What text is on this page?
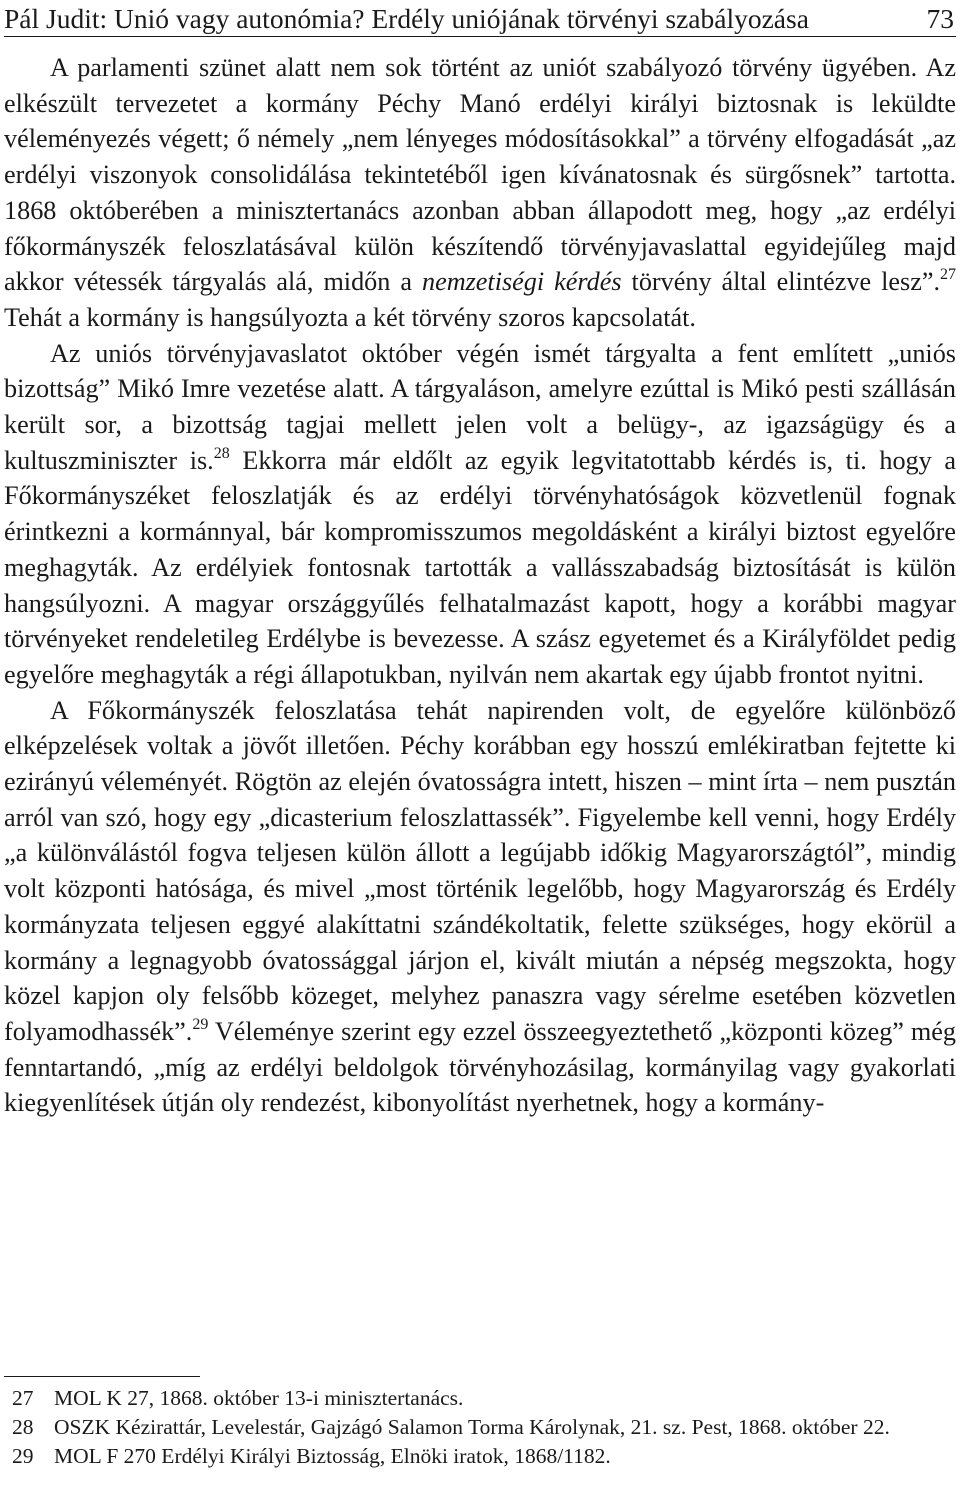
Pál Judit: Unió vagy autonómia? Erdély uniójának törvényi szabályozása	73

A parlamenti szünet alatt nem sok történt az uniót szabályozó törvény ügyében. Az elkészült tervezetet a kormány Péchy Manó erdélyi királyi biztosnak is leküldte véleményezés végett; ő némely „nem lényeges módosításokkal” a törvény elfogadását „az erdélyi viszonyok consolidálása tekintetéből igen kívánatosnak és sürgősnek” tartotta. 1868 októberében a minisztertanács azonban abban állapodott meg, hogy „az erdélyi főkormányszék feloszlatásával külön készítendő törvényjavaslattal egyidejűleg majd akkor vétessék tárgyalás alá, midőn a nemzetiségi kérdés törvény által elintézve lesz”.$^{27}$ Tehát a kormány is hangsúlyozta a két törvény szoros kapcsolatát.

Az uniós törvényjavaslatot október végén ismét tárgyalta a fent említett „uniós bizottság” Mikó Imre vezetése alatt. A tárgyaláson, amelyre ezúttal is Mikó pesti szállásán került sor, a bizottság tagjai mellett jelen volt a belügy-, az igazságügy és a kultuszminiszter is.$^{28}$ Ekkorra már eldőlt az egyik legvitatottabb kérdés is, ti. hogy a Főkormányszéket feloszlatják és az erdélyi törvényhatóságok közvetlenül fognak érintkezni a kormánnyal, bár kompromisszumos megoldásként a királyi biztost egyelőre meghagyták. Az erdélyiek fontosnak tartották a vallásszabadság biztosítását is külön hangsúlyozni. A magyar országgyűlés felhatalmazást kapott, hogy a korábbi magyar törvényeket rendeletileg Erdélybe is bevezesse. A szász egyetemet és a Királyföldet pedig egyelőre meghagyták a régi állapotukban, nyilván nem akartak egy újabb frontot nyitni.

A Főkormányszék feloszlatása tehát napirenden volt, de egyelőre különböző elképzelések voltak a jövőt illetően. Péchy korábban egy hosszú emlékiratban fejtette ki ezirányú véleményét. Rögtön az elején óvatosságra intett, hiszen – mint írta – nem pusztán arról van szó, hogy egy „dicasterium feloszlattassék”. Figyelembe kell venni, hogy Erdély „a különválástól fogva teljesen külön állott a legújabb időkig Magyarországtól”, mindig volt központi hatósága, és mivel „most történik legelőbb, hogy Magyarország és Erdély kormányzata teljesen eggyé alakíttatni szándékoltatik, felette szükséges, hogy ekörül a kormány a legnagyobb óvatossággal járjon el, kivált miután a népség megszokta, hogy közel kapjon oly felsőbb közeget, melyhez panaszra vagy sérelme esetében közvetlen folyamodhassék”.$^{29}$ Véleménye szerint egy ezzel összeegyeztethető „központi közeg” még fenntartandó, „míg az erdélyi beldolgok törvényhozásilag, kormányilag vagy gyakorlati kiegyenlítések útján oly rendezést, kibonyolítást nyerhetnek, hogy a kormány-

27 MOL K 27, 1868. október 13-i minisztertanács.
28 OSZK Kézirattár, Levelestár, Gajzágó Salamon Torma Károlynak, 21. sz. Pest, 1868. október 22.
29 MOL F 270 Erdélyi Királyi Biztosság, Elnöki iratok, 1868/1182.
